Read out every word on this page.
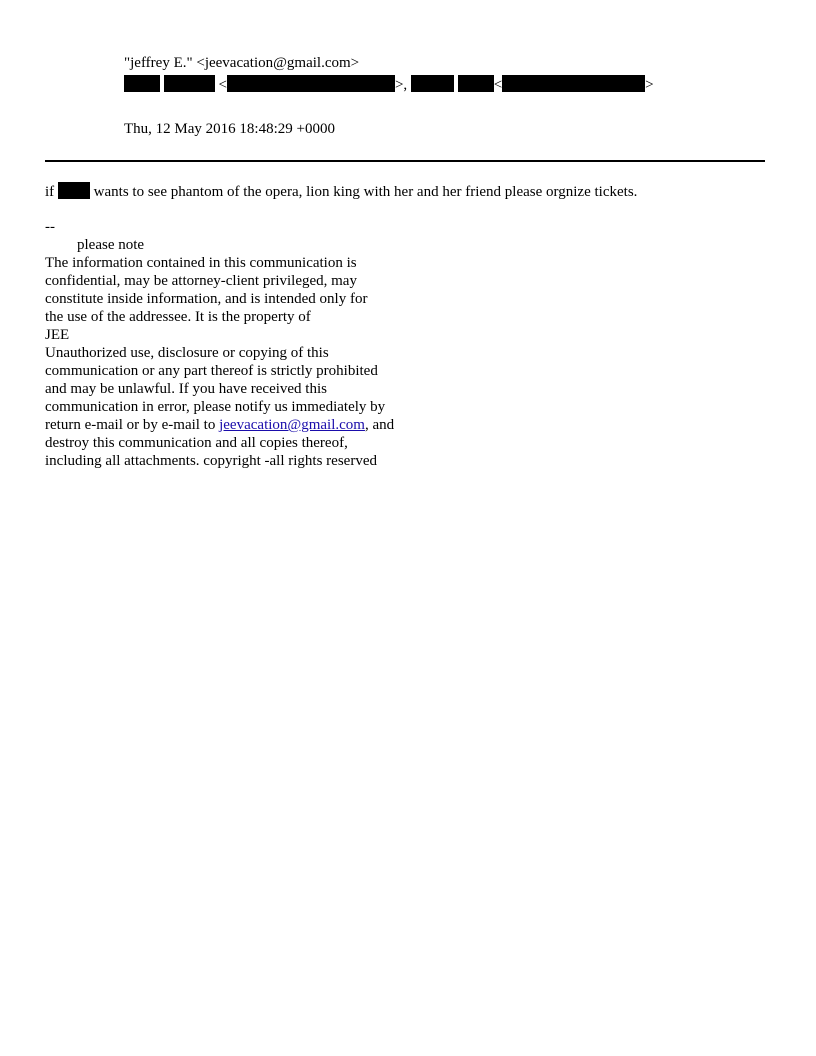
"jeffrey E." <jeevacation@gmail.com>
<	>,	<	>
Thu, 12 May 2016 18:48:29 +0000
if	wants to see phantom of the opera, lion king with her and her friend please orgnize tickets.
--
please note
The information contained in this communication is
confidential, may be attorney-client privileged, may
constitute inside information, and is intended only for
the use of the addressee. It is the property of
JEE
Unauthorized use, disclosure or copying of this
communication or any part thereof is strictly prohibited
and may be unlawful. If you have received this
communication in error, please notify us immediately by
return e-mail or by e-mail to jeevacation@gmail.com, and
destroy this communication and all copies thereof,
including all attachments. copyright -all rights reserved
